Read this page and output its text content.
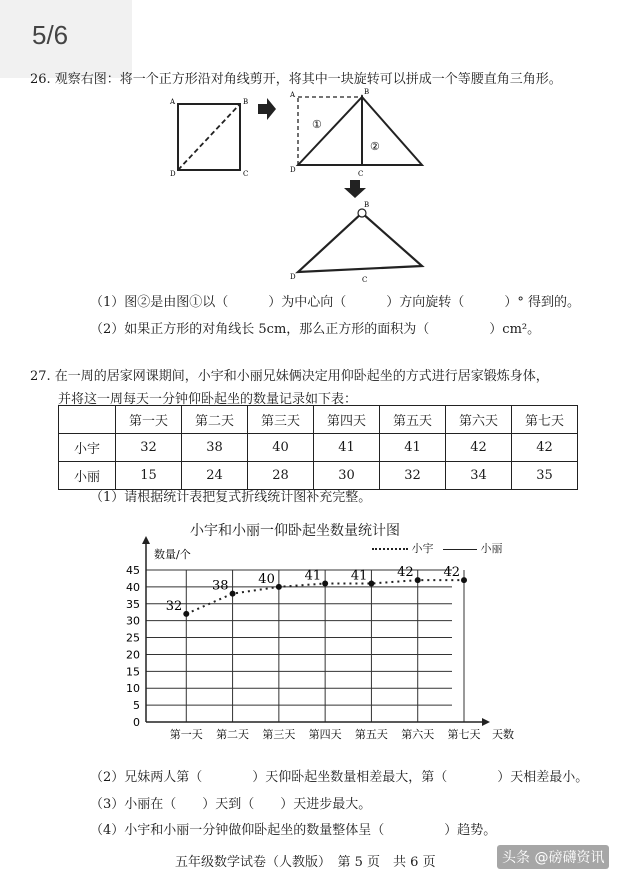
5/6
26. 观察右图：将一个正方形沿对角线剪开，将其中一块旋转可以拼成一个等腰直角三角形。
A	B
D	C
①
②
A	B
D	C
B
D	C
（1）图②是由图①以（	）为中心向（	）方向旋转（	）° 得到的。
（2）如果正方形的对角线长 5cm，那么正方形的面积为（	）cm²。
27. 在一周的居家网课期间，小宇和小丽兄妹俩决定用仰卧起坐的方式进行居家锻炼身体，
并将这一周每天一分钟仰卧起坐的数量记录如下表：
	第一天	第二天	第三天	第四天	第五天	第六天	第七天
小宇	32	38	40	41	41	42	42
小丽	15	24	28	30	32	34	35
（1）请根据统计表把复式折线统计图补充完整。
小宇和小丽一仰卧起坐数量统计图
小宇	小丽
0
5
10
15
20
25
30
35
40
45
第一天 第二天 第三天 第四天 第五天 第六天 第七天
数量/个
天数
32
38 40 41 41 42 42
（2）兄妹两人第（	）天仰卧起坐数量相差最大，第（	）天相差最小。
（3）小丽在（ ）天到（ ）天进步最大。
（4）小宇和小丽一分钟做仰卧起坐的数量整体呈（	）趋势。
五年级数学试卷（人教版）　第 5 页　共 6 页	头条 @磅礴资讯
